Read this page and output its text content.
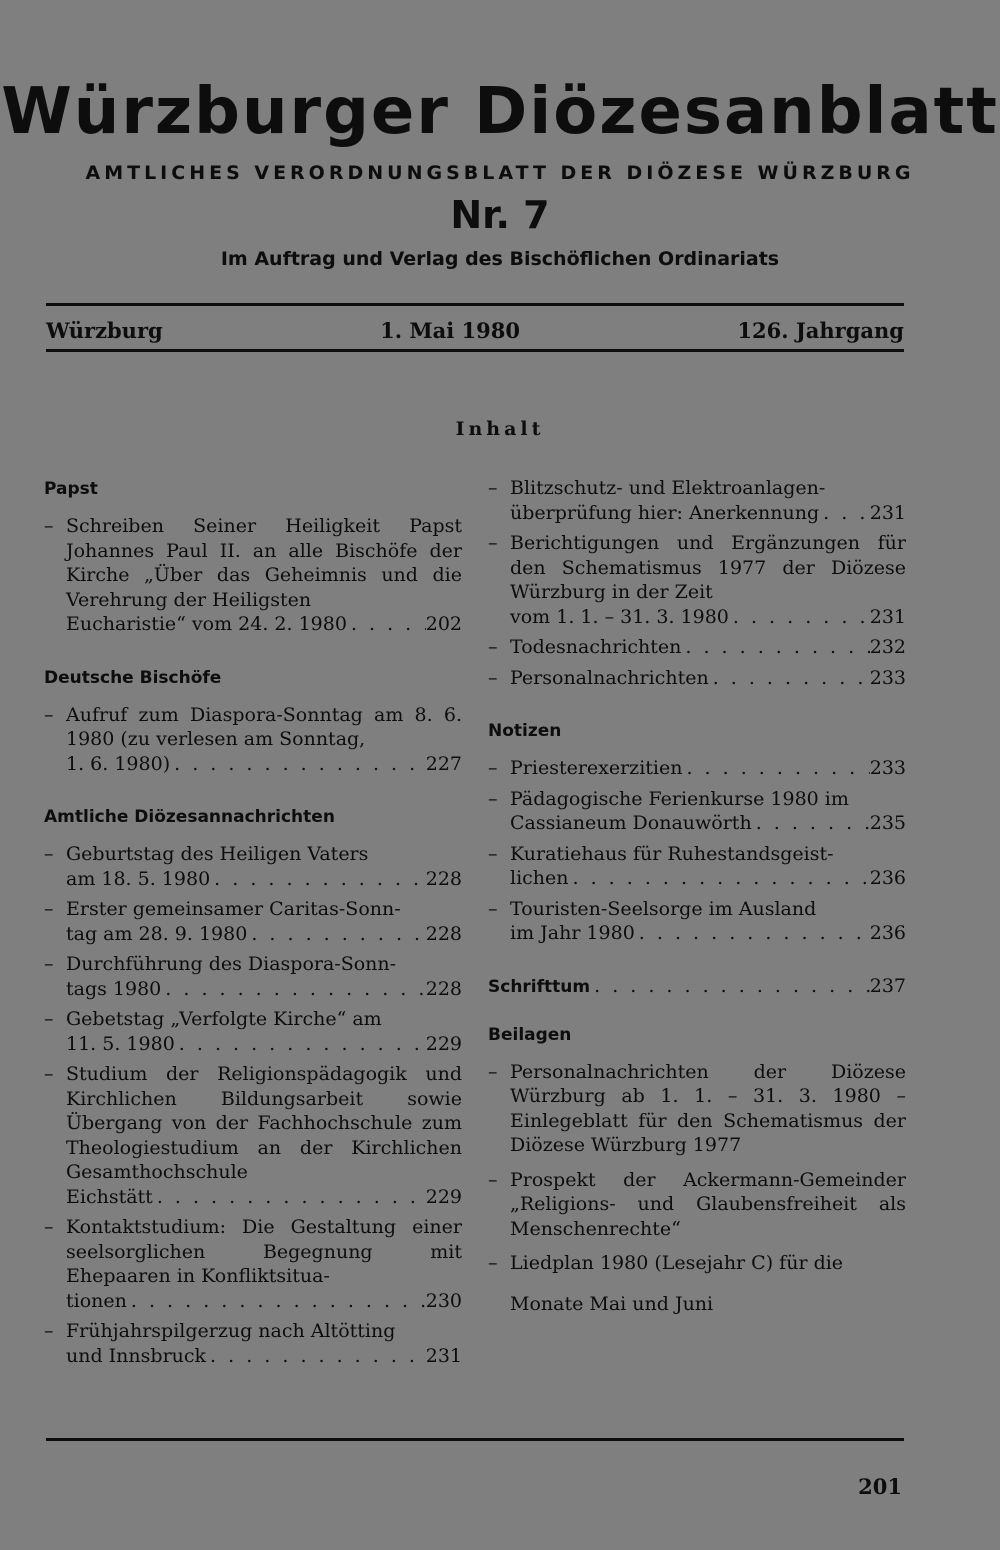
Würzburger Diözesanblatt
AMTLICHES VERORDNUNGSBLATT DER DIÖZESE WÜRZBURG
Nr. 7
Im Auftrag und Verlag des Bischöflichen Ordinariats
Würzburg	1. Mai 1980	126. Jahrgang
Inhalt
Papst
– Schreiben Seiner Heiligkeit Papst Johannes Paul II. an alle Bischöfe der Kirche „Über das Geheimnis und die Verehrung der Heiligsten
Eucharistie“ vom 24. 2. 1980 . . .	202
Deutsche Bischöfe
– Aufruf zum Diaspora-Sonntag am 8. 6. 1980 (zu verlesen am Sonntag,
1. 6. 1980) . . .	227
Amtliche Diözesannachrichten
– Geburtstag des Heiligen Vaters
am 18. 5. 1980 . . .	228
– Erster gemeinsamer Caritas-Sonn-
tag am 28. 9. 1980 . . .	228
– Durchführung des Diaspora-Sonn-
tags 1980 . . .	228
– Gebetstag „Verfolgte Kirche“ am
11. 5. 1980 . . .	229
– Studium der Religionspädagogik und Kirchlichen Bildungsarbeit sowie Übergang von der Fachhochschule zum Theologiestudium an der Kirchlichen Gesamthochschule
Eichstätt . . .	229
– Kontaktstudium: Die Gestaltung einer seelsorglichen Begegnung mit Ehepaaren in Konfliktsitua-
tionen . . .	230
– Frühjahrspilgerzug nach Altötting
und Innsbruck . . .	231
– Blitzschutz- und Elektroanlagen-
überprüfung hier: Anerkennung . . .	231
– Berichtigungen und Ergänzungen für den Schematismus 1977 der Diözese Würzburg in der Zeit
vom 1. 1. – 31. 3. 1980 . . .	231
– Todesnachrichten . . .	232
– Personalnachrichten . . .	233
Notizen
– Priesterexerzitien . . .	233
– Pädagogische Ferienkurse 1980 im
Cassianeum Donauwörth . . .	235
– Kuratiehaus für Ruhestandsgeist-
lichen . . .	236
– Touristen-Seelsorge im Ausland
im Jahr 1980 . . .	236
Schrifttum . . .	237
Beilagen
– Personalnachrichten der Diözese Würzburg ab 1. 1. – 31. 3. 1980 – Einlegeblatt für den Schematismus der Diözese Würzburg 1977
– Prospekt der Ackermann-Gemeinder „Religions- und Glaubensfreiheit als Menschenrechte“
– Liedplan 1980 (Lesejahr C) für die
Monate Mai und Juni
201
